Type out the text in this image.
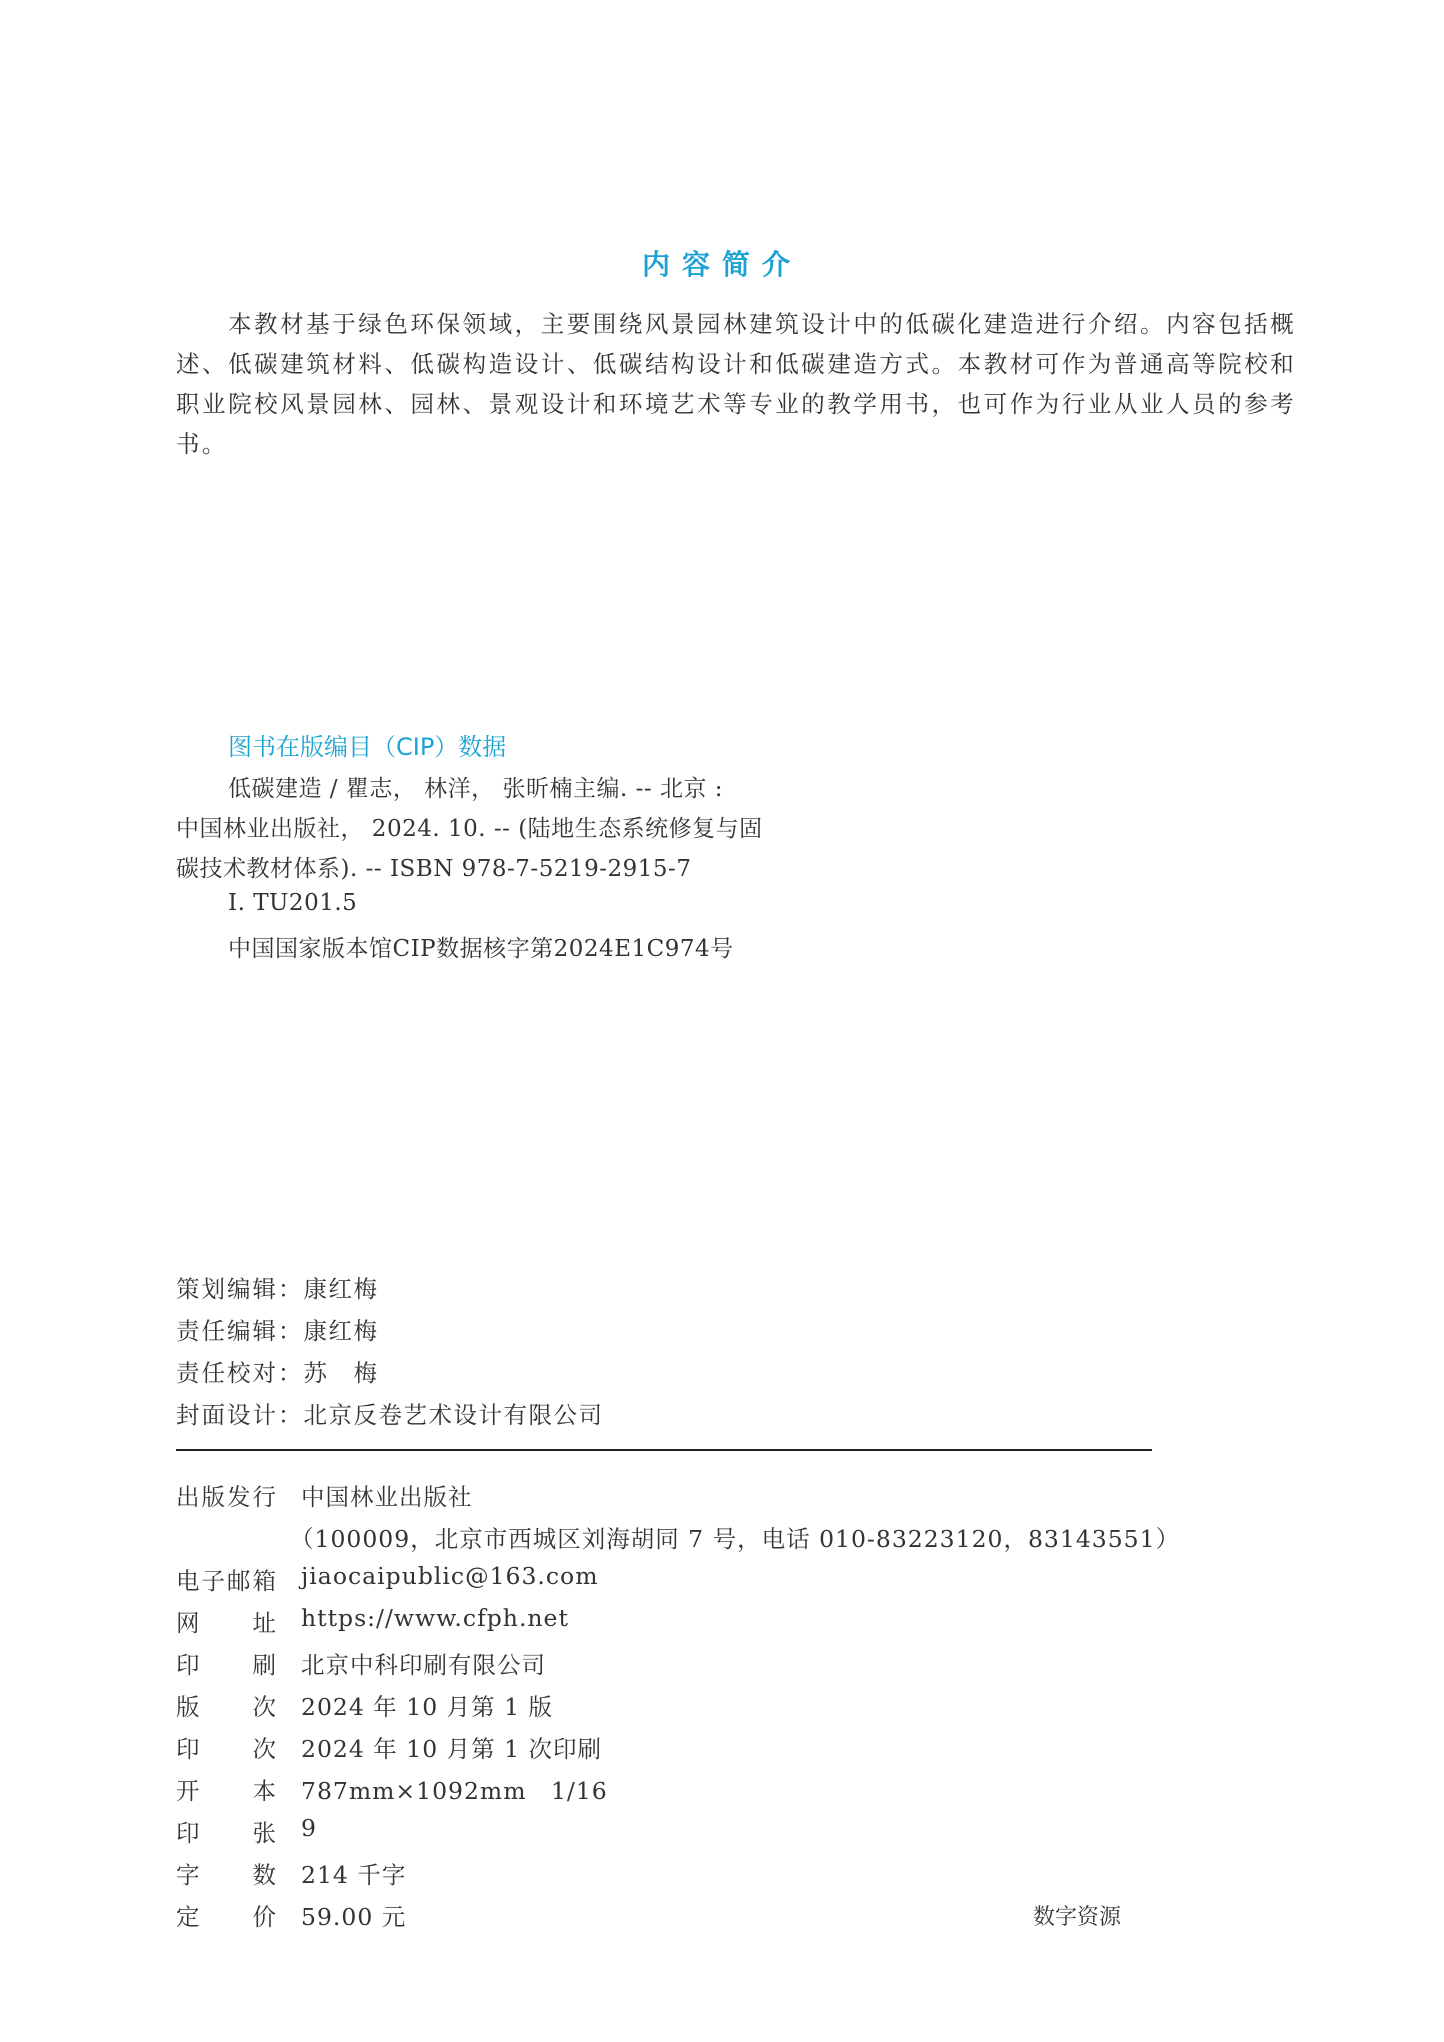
内容简介
本教材基于绿色环保领域，主要围绕风景园林建筑设计中的低碳化建造进行介绍。内容包括概述、低碳建筑材料、低碳构造设计、低碳结构设计和低碳建造方式。本教材可作为普通高等院校和职业院校风景园林、园林、景观设计和环境艺术等专业的教学用书，也可作为行业从业人员的参考书。
图书在版编目（CIP）数据
低碳建造 / 瞿志， 林洋， 张昕楠主编. -- 北京 :
中国林业出版社， 2024. 10. -- (陆地生态系统修复与固
碳技术教材体系). -- ISBN 978-7-5219-2915-7
Ⅰ. TU201.5
中国国家版本馆CIP数据核字第2024E1C974号
策划编辑：康红梅
责任编辑：康红梅
责任校对：苏　梅
封面设计：北京反卷艺术设计有限公司
出版发行 中国林业出版社
（100009，北京市西城区刘海胡同 7 号，电话 010-83223120，83143551）
电子邮箱 jiaocaipublic@163.com
网址 https://www.cfph.net
印刷 北京中科印刷有限公司
版次 2024 年 10 月第 1 版
印次 2024 年 10 月第 1 次印刷
开本 787mm×1092mm　1/16
印张 9
字数 214 千字
定价 59.00 元	数字资源
